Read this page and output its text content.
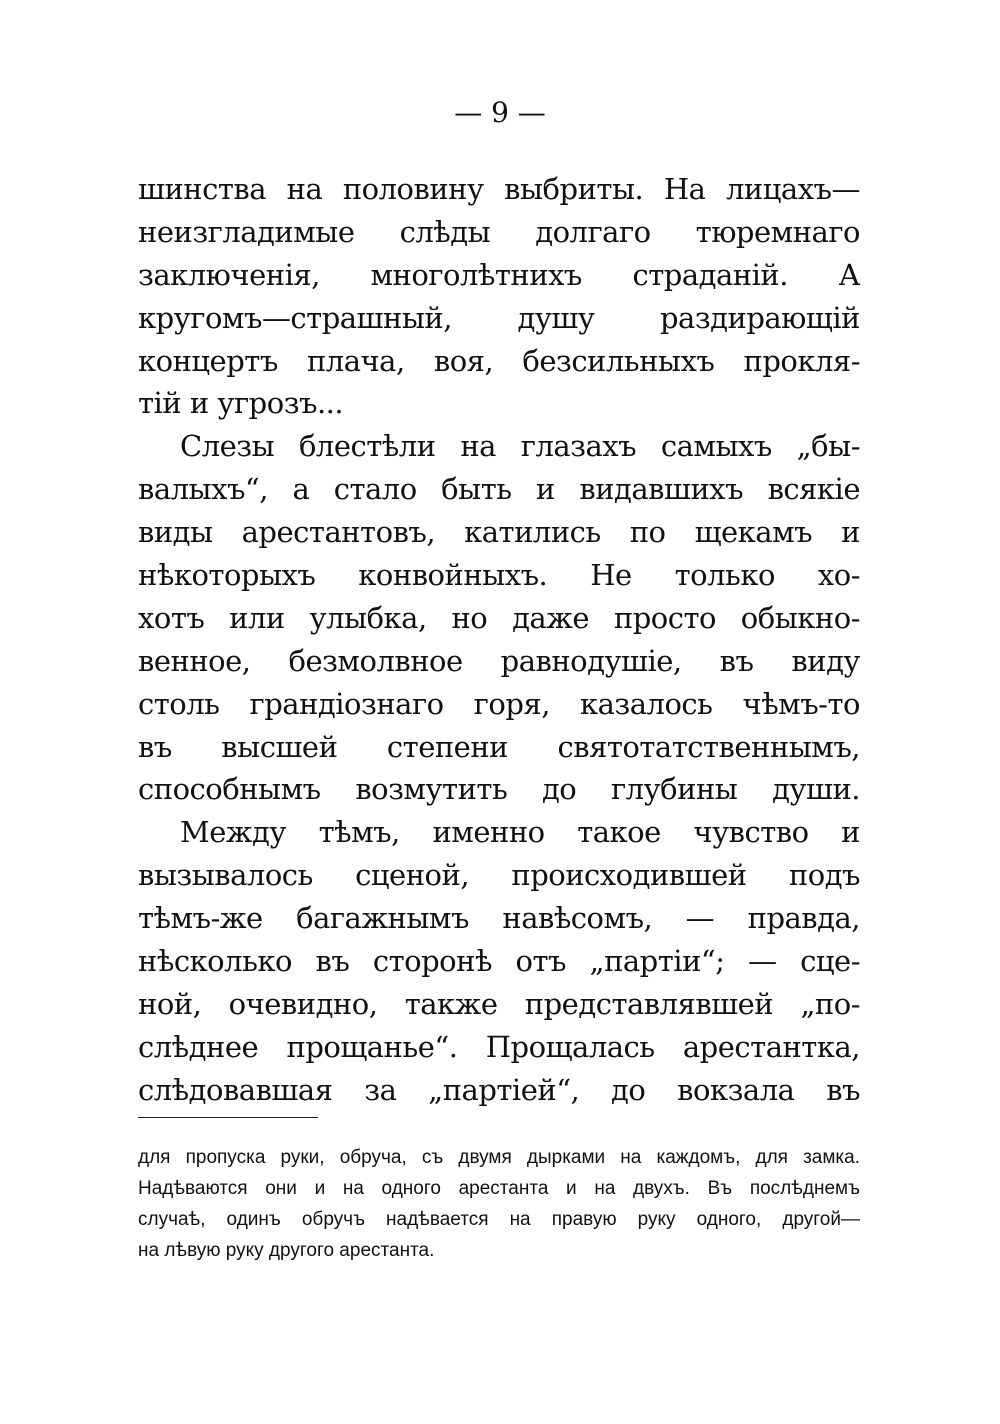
— 9 —
шинства на половину выбриты. На лицахъ—
неизгладимые слѣды долгаго тюремнаго
заключенія, многолѣтнихъ страданій. А
кругомъ—страшный, душу раздирающій
концертъ плача, воя, безсильныхъ прокля-
тій и угрозъ...
Слезы блестѣли на глазахъ самыхъ „бы-
валыхъ“, а стало быть и видавшихъ всякіе
виды арестантовъ, катились по щекамъ и
нѣкоторыхъ конвойныхъ. Не только хо-
хотъ или улыбка, но даже просто обыкно-
венное, безмолвное равнодушіе, въ виду
столь грандіознаго горя, казалось чѣмъ-то
въ высшей степени святотатственнымъ,
способнымъ возмутить до глубины души.
Между тѣмъ, именно такое чувство и
вызывалось сценой, происходившей подъ
тѣмъ-же багажнымъ навѣсомъ, — правда,
нѣсколько въ сторонѣ отъ „партіи“; — сце-
ной, очевидно, также представлявшей „по-
слѣднее прощанье“. Прощалась арестантка,
слѣдовавшая за „партіей“, до вокзала въ
для пропуска руки, обруча, съ двумя дырками на каждомъ, для замка.
Надѣваются они и на одного арестанта и на двухъ. Въ послѣднемъ
случаѣ, одинъ обручъ надѣвается на правую руку одного, другой—
на лѣвую руку другого арестанта.
